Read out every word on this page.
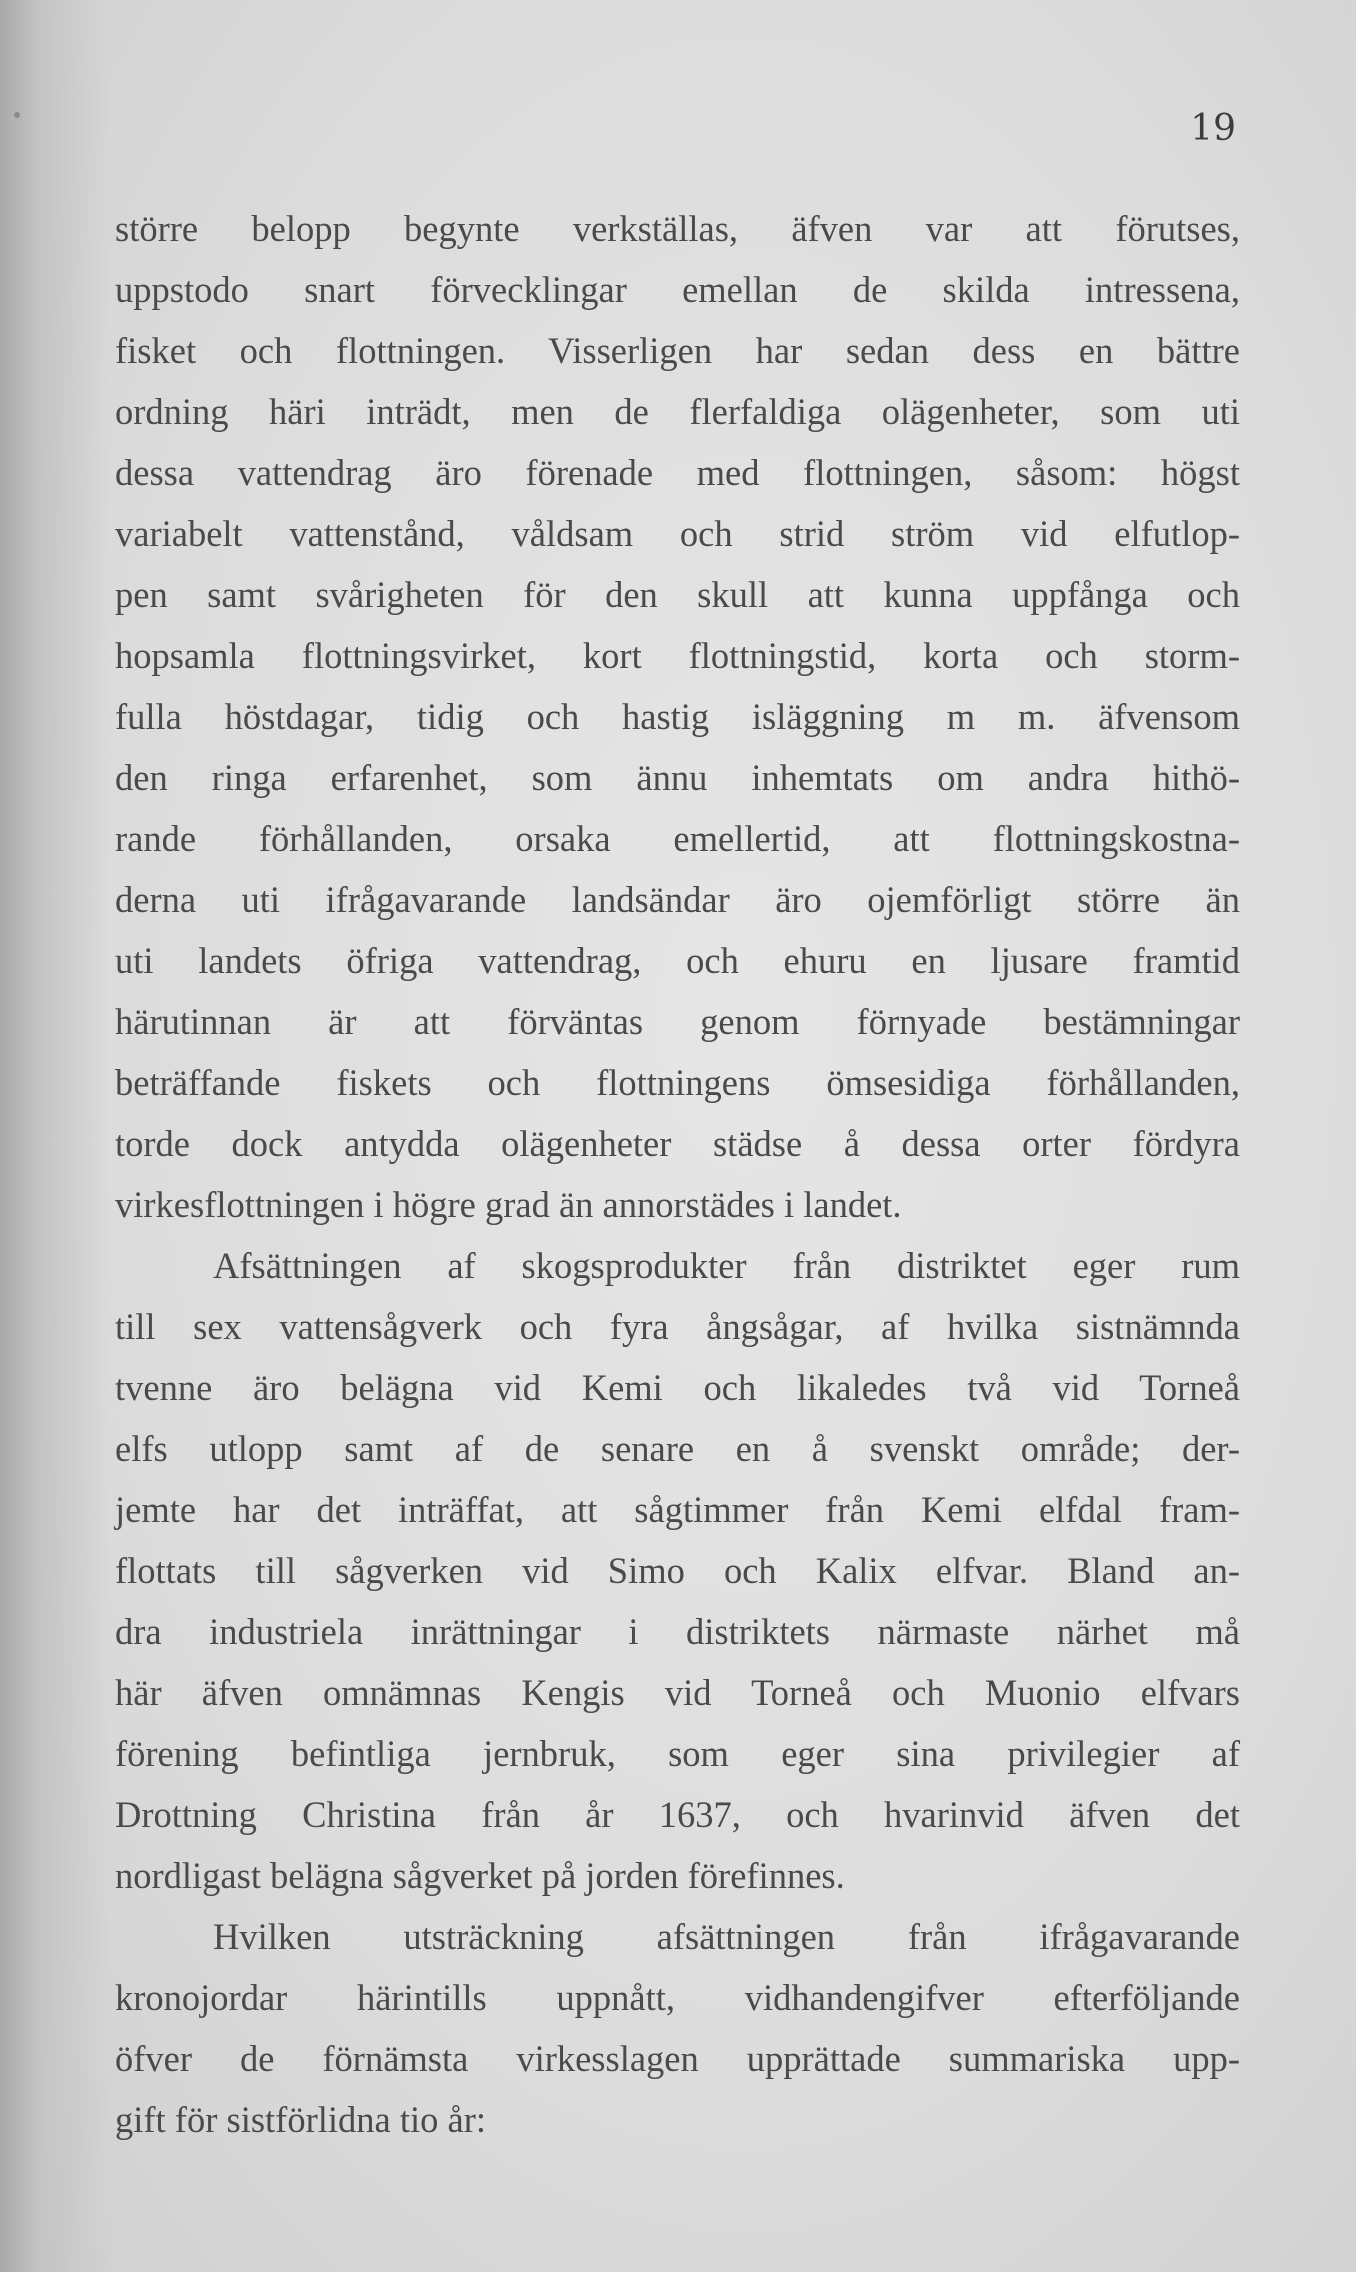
19
större belopp begynte verkställas, äfven var att förutses,
uppstodo snart förvecklingar emellan de skilda intressena,
fisket och flottningen. Visserligen har sedan dess en bättre
ordning häri inträdt, men de flerfaldiga olägenheter, som uti
dessa vattendrag äro förenade med flottningen, såsom: högst
variabelt vattenstånd, våldsam och strid ström vid elfutlop-
pen samt svårigheten för den skull att kunna uppfånga och
hopsamla flottningsvirket, kort flottningstid, korta och storm-
fulla höstdagar, tidig och hastig isläggning m m. äfvensom
den ringa erfarenhet, som ännu inhemtats om andra hithö-
rande förhållanden, orsaka emellertid, att flottningskostna-
derna uti ifrågavarande landsändar äro ojemförligt större än
uti landets öfriga vattendrag, och ehuru en ljusare framtid
härutinnan är att förväntas genom förnyade bestämningar
beträffande fiskets och flottningens ömsesidiga förhållanden,
torde dock antydda olägenheter städse å dessa orter fördyra
virkesflottningen i högre grad än annorstädes i landet.
Afsättningen af skogsprodukter från distriktet eger rum
till sex vattensågverk och fyra ångsågar, af hvilka sistnämnda
tvenne äro belägna vid Kemi och likaledes två vid Torneå
elfs utlopp samt af de senare en å svenskt område; der-
jemte har det inträffat, att sågtimmer från Kemi elfdal fram-
flottats till sågverken vid Simo och Kalix elfvar. Bland an-
dra industriela inrättningar i distriktets närmaste närhet må
här äfven omnämnas Kengis vid Torneå och Muonio elfvars
förening befintliga jernbruk, som eger sina privilegier af
Drottning Christina från år 1637, och hvarinvid äfven det
nordligast belägna sågverket på jorden förefinnes.
Hvilken utsträckning afsättningen från ifrågavarande
kronojordar härintills uppnått, vidhandengifver efterföljande
öfver de förnämsta virkesslagen upprättade summariska upp-
gift för sistförlidna tio år:
